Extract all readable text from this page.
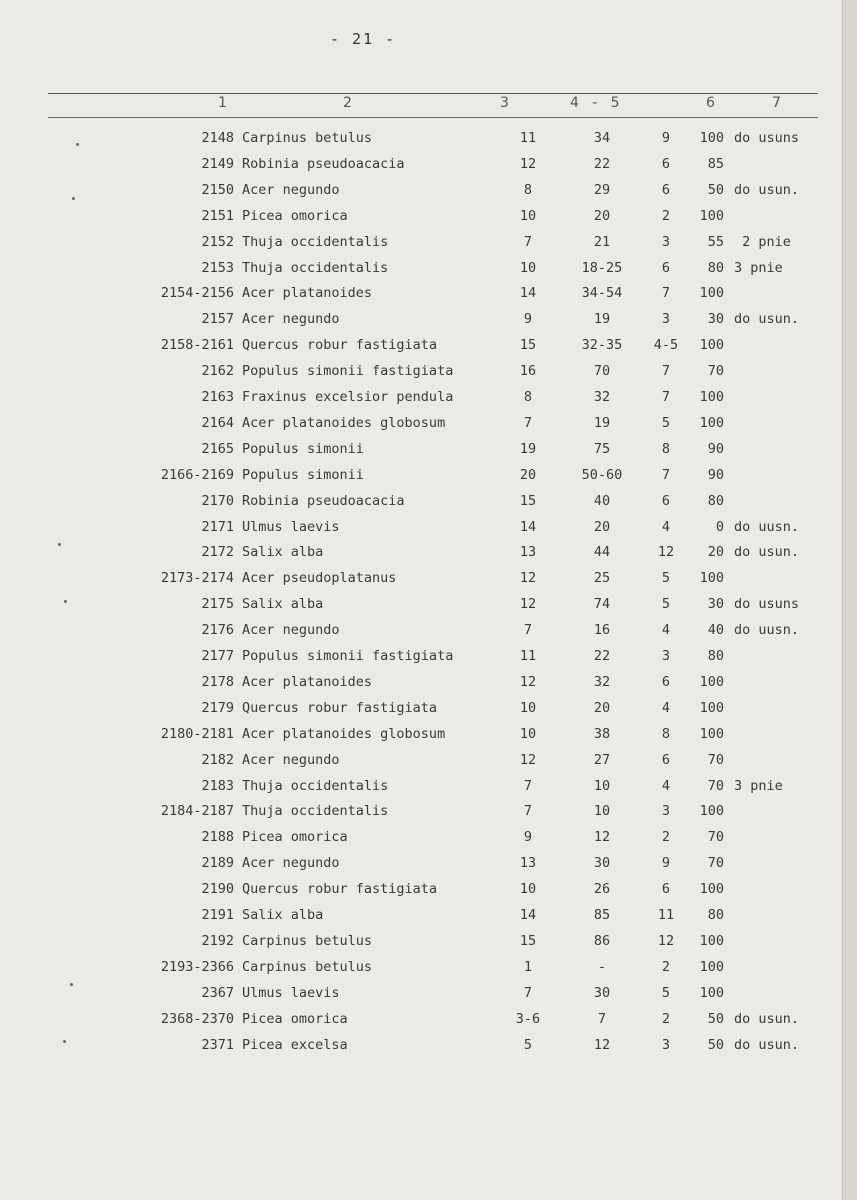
- 21 -
1	2	3	4   -   5	6	7
2148 Carpinus betulus	11	34	9	100 do usuns
2149 Robinia pseudoacacia	12	22	6	85
2150 Acer negundo	8	29	6	50 do usun.
2151 Picea omorica	10	20	2	100
2152 Thuja occidentalis	7	21	3	55 2 pnie
2153 Thuja occidentalis	10	18-25	6	80 3 pnie
2154-2156 Acer platanoides	14	34-54	7	100
2157 Acer negundo	9	19	3	30 do usun.
2158-2161 Quercus robur fastigiata	15	32-35	4-5	100
2162 Populus simonii fastigiata	16	70	7	70
2163 Fraxinus excelsior pendula	8	32	7	100
2164 Acer platanoides globosum	7	19	5	100
2165 Populus simonii	19	75	8	90
2166-2169 Populus simonii	20	50-60	7	90
2170 Robinia pseudoacacia	15	40	6	80
2171 Ulmus laevis	14	20	4	0 do uusn.
2172 Salix alba	13	44	12	20 do usun.
2173-2174 Acer pseudoplatanus	12	25	5	100
2175 Salix alba	12	74	5	30 do usuns
2176 Acer negundo	7	16	4	40 do uusn.
2177 Populus simonii fastigiata	11	22	3	80
2178 Acer platanoides	12	32	6	100
2179 Quercus robur fastigiata	10	20	4	100
2180-2181 Acer platanoides globosum	10	38	8	100
2182 Acer negundo	12	27	6	70
2183 Thuja occidentalis	7	10	4	70 3 pnie
2184-2187 Thuja occidentalis	7	10	3	100
2188 Picea omorica	9	12	2	70
2189 Acer negundo	13	30	9	70
2190 Quercus robur fastigiata	10	26	6	100
2191 Salix alba	14	85	11	80
2192 Carpinus betulus	15	86	12	100
2193-2366 Carpinus betulus	1	-	2	100
2367 Ulmus laevis	7	30	5	100
2368-2370 Picea omorica	3-6	7	2	50 do usun.
2371 Picea excelsa	5	12	3	50 do usun.
